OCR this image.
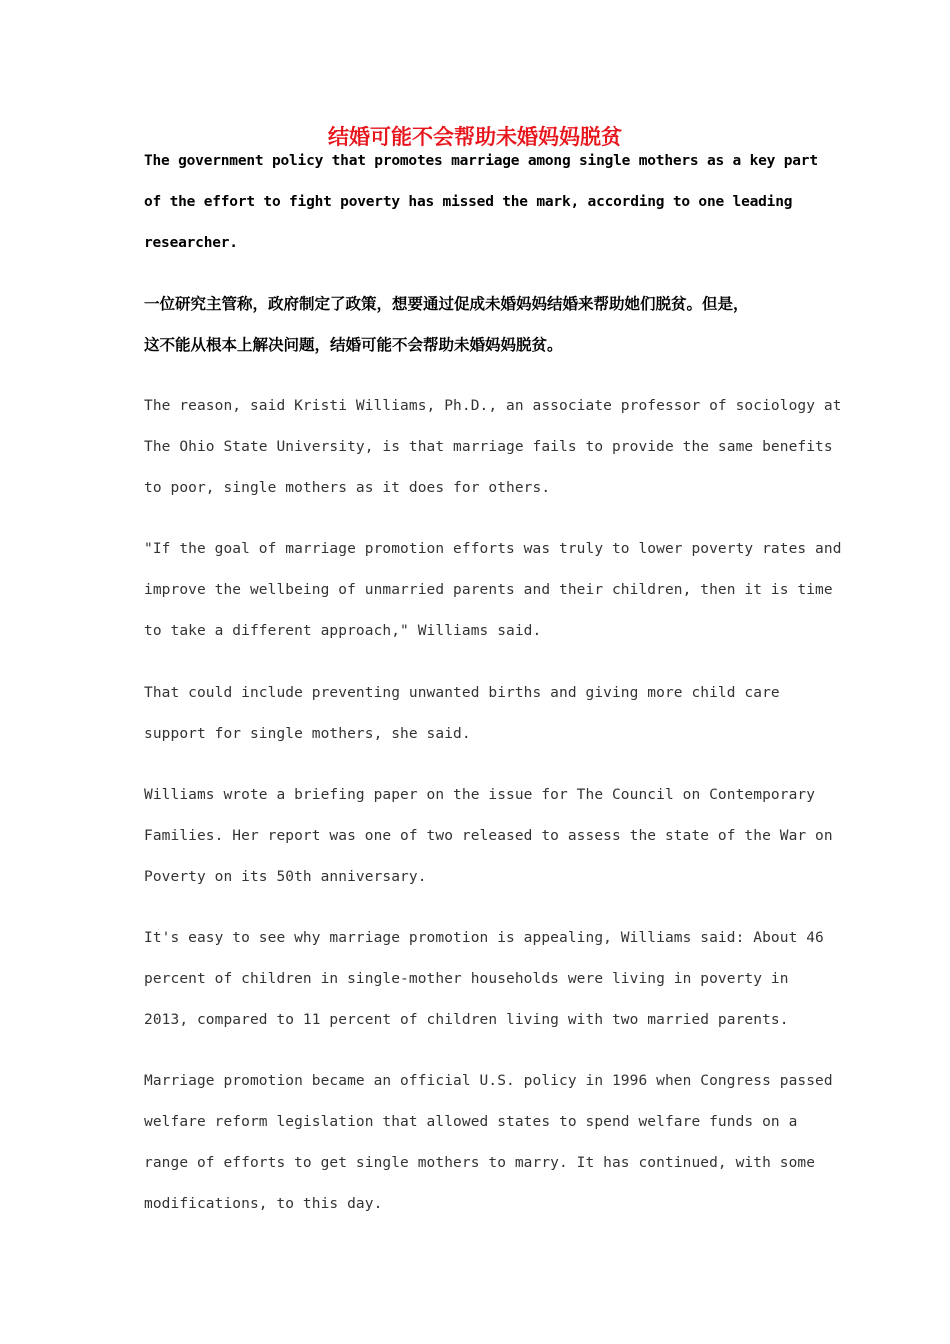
结婚可能不会帮助未婚妈妈脱贫
The government policy that promotes marriage among single mothers as a key part
of the effort to fight poverty has missed the mark, according to one leading
researcher.
一位研究主管称，政府制定了政策，想要通过促成未婚妈妈结婚来帮助她们脱贫。但是，
这不能从根本上解决问题，结婚可能不会帮助未婚妈妈脱贫。
The reason, said Kristi Williams, Ph.D., an associate professor of sociology at
The Ohio State University, is that marriage fails to provide the same benefits
to poor, single mothers as it does for others.
"If the goal of marriage promotion efforts was truly to lower poverty rates and
improve the wellbeing of unmarried parents and their children, then it is time
to take a different approach," Williams said.
That could include preventing unwanted births and giving more child care
support for single mothers, she said.
Williams wrote a briefing paper on the issue for The Council on Contemporary
Families. Her report was one of two released to assess the state of the War on
Poverty on its 50th anniversary.
It's easy to see why marriage promotion is appealing, Williams said: About 46
percent of children in single-mother households were living in poverty in
2013, compared to 11 percent of children living with two married parents.
Marriage promotion became an official U.S. policy in 1996 when Congress passed
welfare reform legislation that allowed states to spend welfare funds on a
range of efforts to get single mothers to marry. It has continued, with some
modifications, to this day.
